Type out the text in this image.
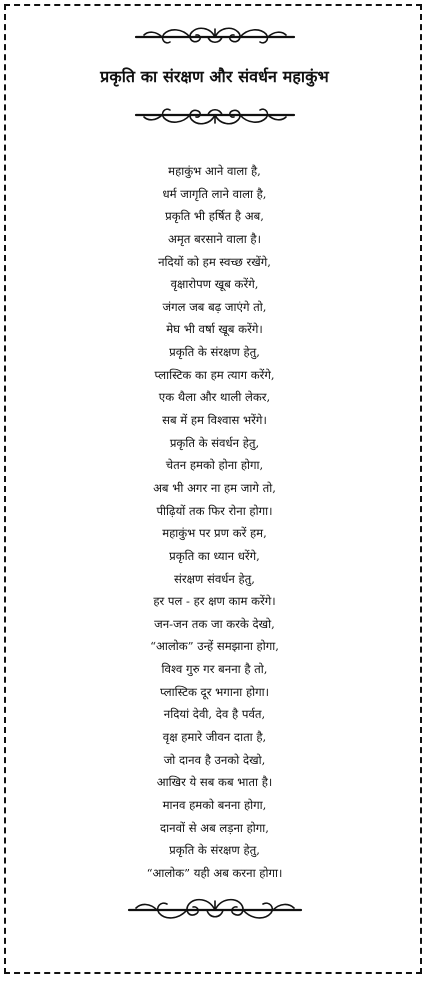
प्रकृति का संरक्षण और संवर्धन महाकुंभ
महाकुंभ आने वाला है,
धर्म जागृति लाने वाला है,
प्रकृति भी हर्षित है अब,
अमृत बरसाने वाला है।
नदियों को हम स्वच्छ रखेंगे,
वृक्षारोपण खूब करेंगे,
जंगल जब बढ़ जाएंगे तो,
मेघ भी वर्षा खूब करेंगे।
प्रकृति के संरक्षण हेतु,
प्लास्टिक का हम त्याग करेंगे,
एक थैला और थाली लेकर,
सब में हम विश्वास भरेंगे।
प्रकृति के संवर्धन हेतु,
चेतन हमको होना होगा,
अब भी अगर ना हम जागे तो,
पीढ़ियों तक फिर रोना होगा।
महाकुंभ पर प्रण करें हम,
प्रकृति का ध्यान धरेंगे,
संरक्षण संवर्धन हेतु,
हर पल - हर क्षण काम करेंगे।
जन-जन तक जा करके देखो,
“आलोक” उन्हें समझाना होगा,
विश्व गुरु गर बनना है तो,
प्लास्टिक दूर भगाना होगा।
नदियां देवी, देव है पर्वत,
वृक्ष हमारे जीवन दाता है,
जो दानव है उनको देखो,
आखिर ये सब कब भाता है।
मानव हमको बनना होगा,
दानवों से अब लड़ना होगा,
प्रकृति के संरक्षण हेतु,
“आलोक” यही अब करना होगा।
